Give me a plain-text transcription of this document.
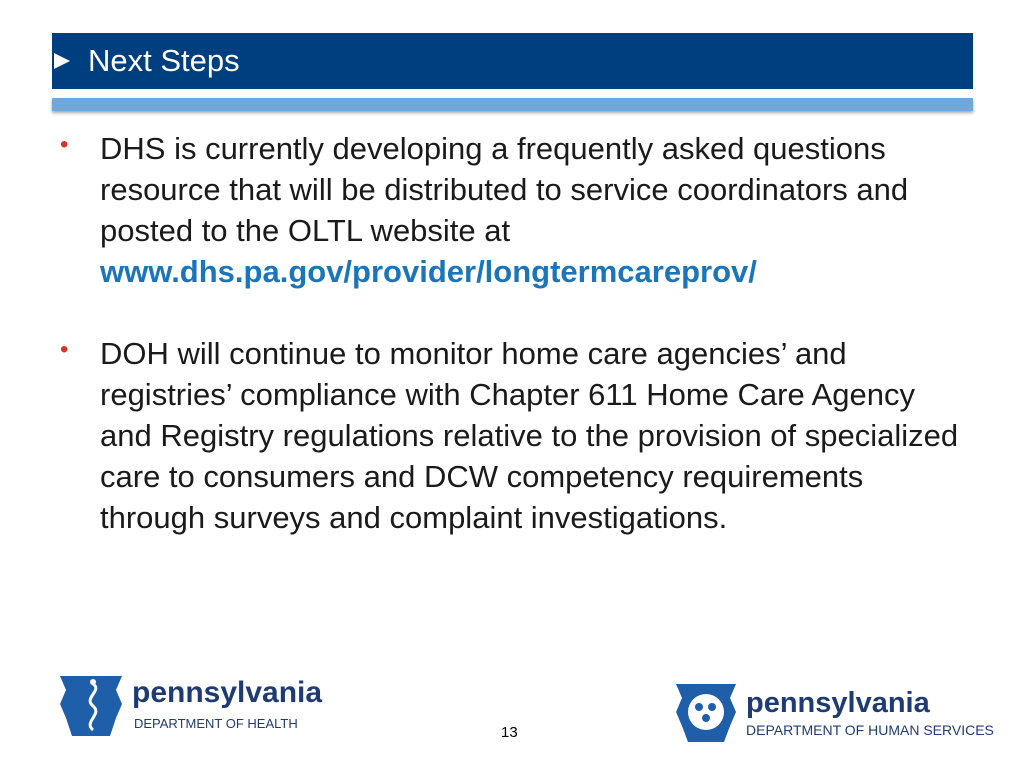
Next Steps
• DHS is currently developing a frequently asked questions resource that will be distributed to service coordinators and posted to the OLTL website at
www.dhs.pa.gov/provider/longtermcareprov/
• DOH will continue to monitor home care agencies’ and registries’ compliance with Chapter 611 Home Care Agency and Registry regulations relative to the provision of specialized care to consumers and DCW competency requirements through surveys and complaint investigations.
pennsylvania
DEPARTMENT OF HEALTH
13
pennsylvania
DEPARTMENT OF HUMAN SERVICES
